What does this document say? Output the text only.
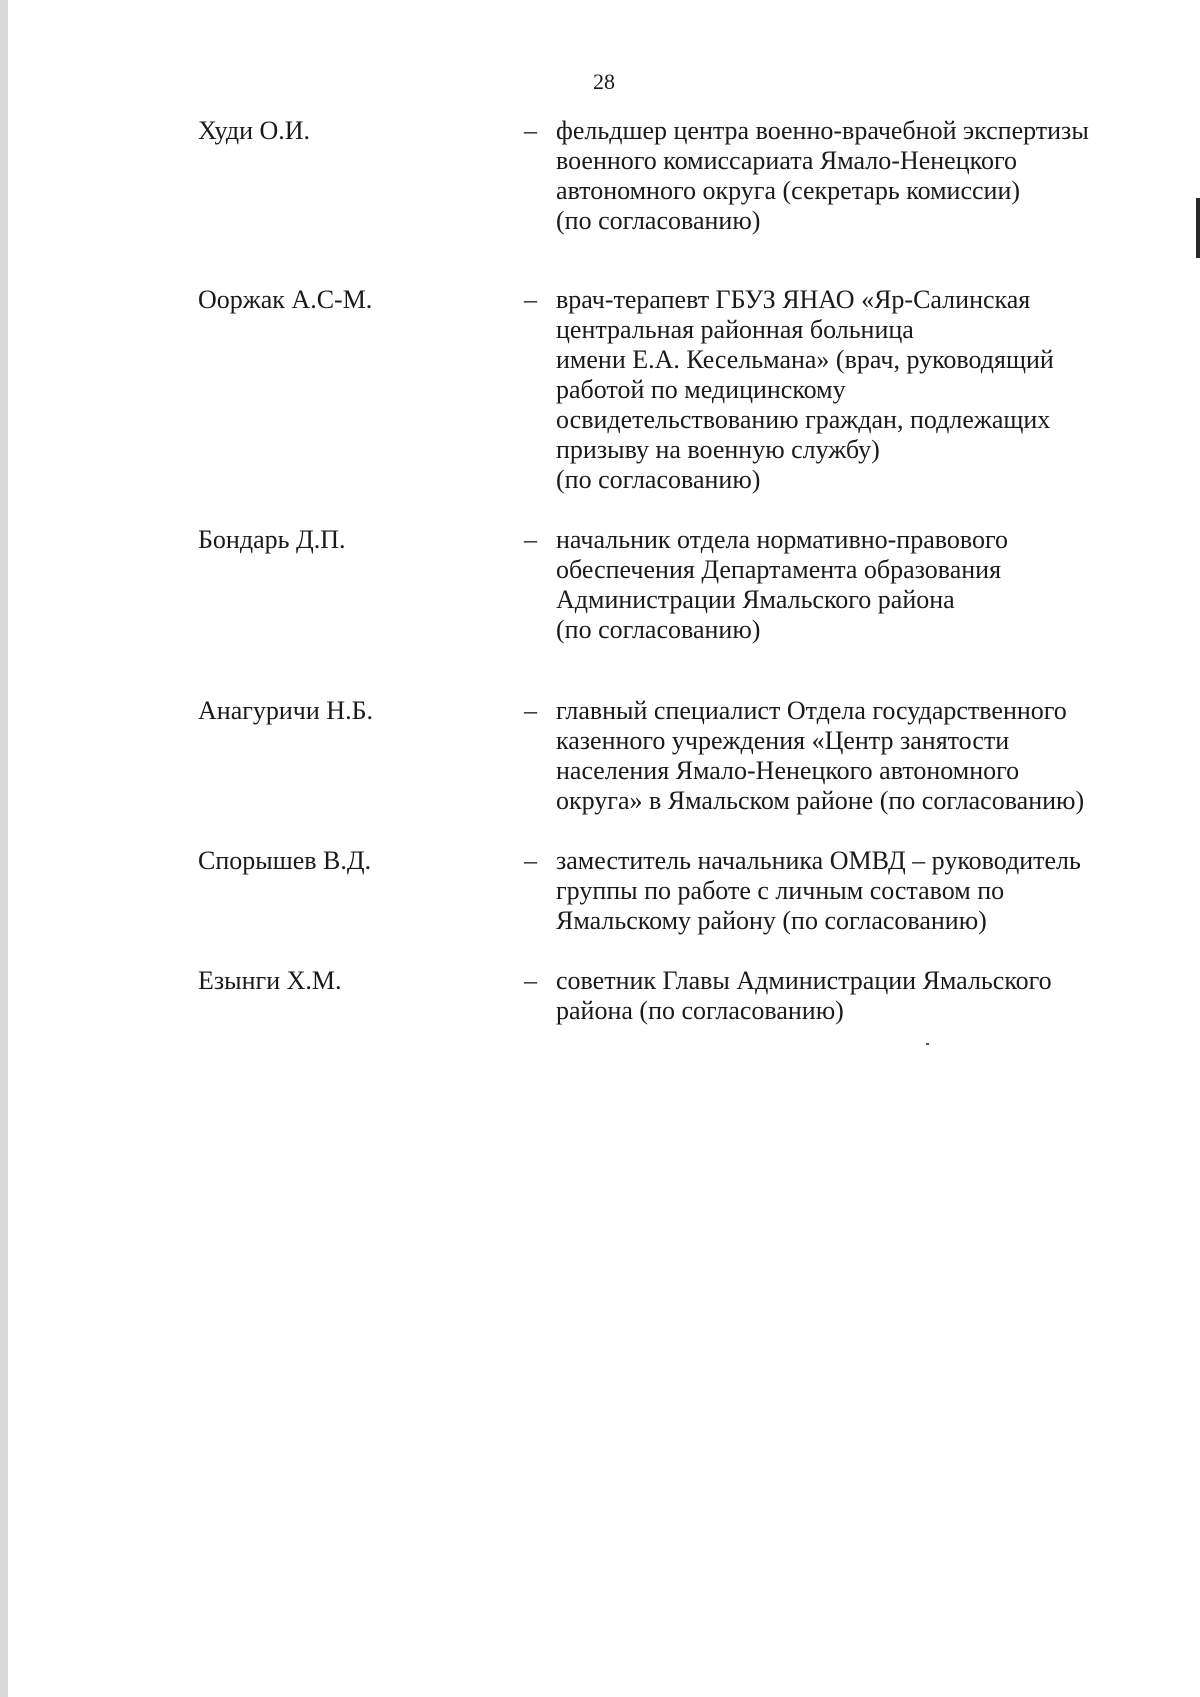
28
Худи О.И.	– фельдшер центра военно-врачебной экспертизы
военного комиссариата Ямало-Ненецкого
автономного округа (секретарь комиссии)
(по согласованию)
Ооржак А.С-М.	– врач-терапевт ГБУЗ ЯНАО «Яр-Салинская
центральная районная больница
имени Е.А. Кесельмана» (врач, руководящий
работой по медицинскому
освидетельствованию граждан, подлежащих
призыву на военную службу)
(по согласованию)
Бондарь Д.П.	– начальник отдела нормативно-правового
обеспечения Департамента образования
Администрации Ямальского района
(по согласованию)
Анагуричи Н.Б.	– главный специалист Отдела государственного
казенного учреждения «Центр занятости
населения Ямало-Ненецкого автономного
округа» в Ямальском районе (по согласованию)
Спорышев В.Д.	– заместитель начальника ОМВД – руководитель
группы по работе с личным составом по
Ямальскому району (по согласованию)
Езынги Х.М.	– советник Главы Администрации Ямальского
района (по согласованию)
